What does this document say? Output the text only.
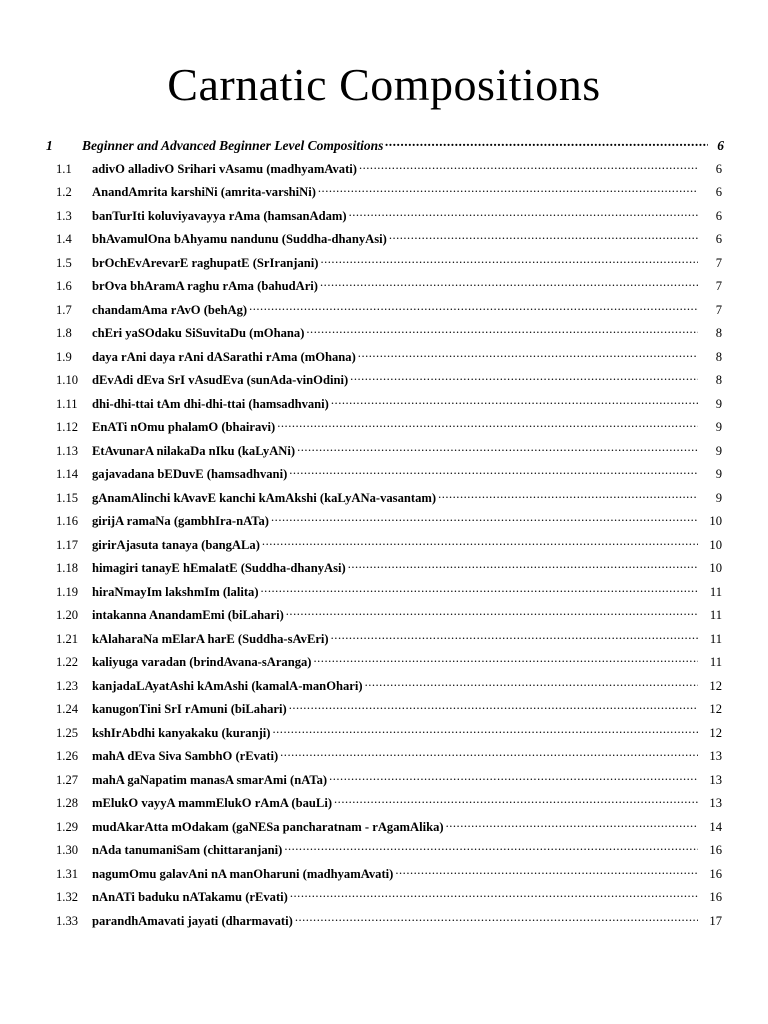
Carnatic Compositions
1	Beginner and Advanced Beginner Level Compositions .....	6
1.1	adivO alladivO Srihari vAsamu (madhyamAvati) .....	6
1.2	AnandAmrita karshiNi (amrita-varshiNi) .....	6
1.3	banTurIti koluviyavayya rAma (hamsanAdam) .....	6
1.4	bhAvamulOna bAhyamu nandunu (Suddha-dhanyAsi) .....	6
1.5	brOchEvArevarE raghupatE (SrIranjani) .....	7
1.6	brOva bhAramA raghu rAma (bahudAri) .....	7
1.7	chandamAma rAvO (behAg) .....	7
1.8	chEri yaSOdaku SiSuvitaDu (mOhana) .....	8
1.9	daya rAni daya rAni dASarathi rAma (mOhana) .....	8
1.10	dEvAdi dEva SrI vAsudEva (sunAda-vinOdini) .....	8
1.11	dhi-dhi-ttai tAm dhi-dhi-ttai (hamsadhvani) .....	9
1.12	EnATi nOmu phalamO (bhairavi) .....	9
1.13	EtAvunarA nilakaDa nIku (kaLyANi) .....	9
1.14	gajavadana bEDuvE (hamsadhvani) .....	9
1.15	gAnamAlinchi kAvavE kanchi kAmAkshi (kaLyANa-vasantam) .....	9
1.16	girijA ramaNa (gambhIra-nATa) .....	10
1.17	girirAjasuta tanaya (bangALa) .....	10
1.18	himagiri tanayE hEmalatE (Suddha-dhanyAsi) .....	10
1.19	hiraNmayIm lakshmIm (lalita) .....	11
1.20	intakanna AnandamEmi (biLahari) .....	11
1.21	kAlaharaNa mElarA harE (Suddha-sAvEri) .....	11
1.22	kaliyuga varadan (brindAvana-sAranga) .....	11
1.23	kanjadaLAyatAshi kAmAshi (kamalA-manOhari) .....	12
1.24	kanugonTini SrI rAmuni (biLahari) .....	12
1.25	kshIrAbdhi kanyakaku (kuranji) .....	12
1.26	mahA dEva Siva SambhO (rEvati) .....	13
1.27	mahA gaNapatim manasA smarAmi (nATa) .....	13
1.28	mElukO vayyA mammElukO rAmA (bauLi) .....	13
1.29	mudAkarAtta mOdakam (gaNESa pancharatnam - rAgamAlika) .....	14
1.30	nAda tanumaniSam (chittaranjani) .....	16
1.31	nagumOmu galavAni nA manOharuni (madhyamAvati) .....	16
1.32	nAnATi baduku nATakamu (rEvati) .....	16
1.33	parandhAmavati jayati (dharmavati) .....	17
